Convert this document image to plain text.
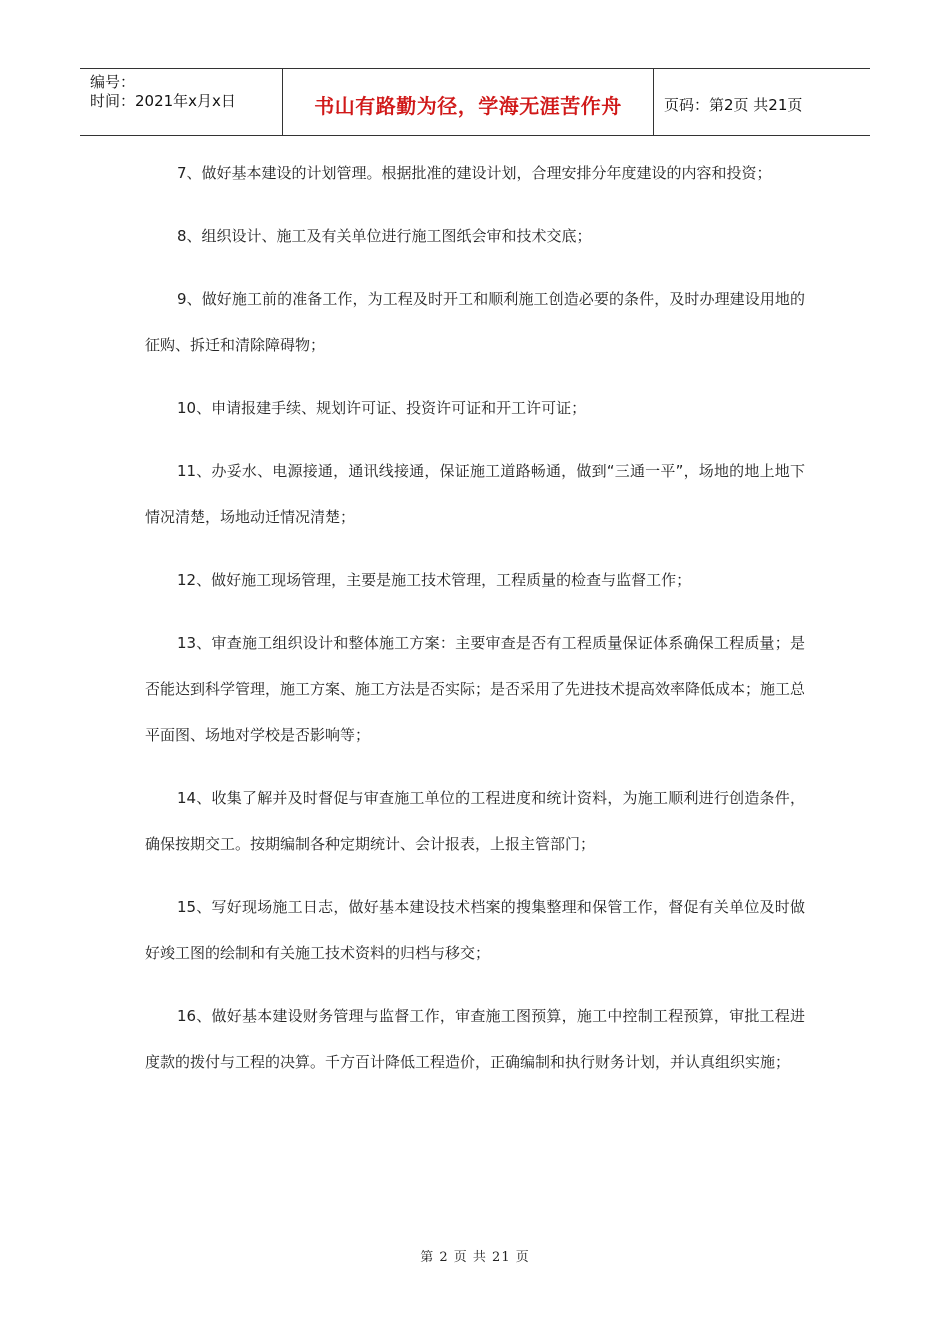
编号：
时间：2021年x月x日	书山有路勤为径，学海无涯苦作舟	页码：第2页 共21页

7、做好基本建设的计划管理。根据批准的建设计划，合理安排分年度建设的内容和投资；

8、组织设计、施工及有关单位进行施工图纸会审和技术交底；

9、做好施工前的准备工作，为工程及时开工和顺利施工创造必要的条件，及时办理建设用地的征购、拆迁和清除障碍物；

10、申请报建手续、规划许可证、投资许可证和开工许可证；

11、办妥水、电源接通，通讯线接通，保证施工道路畅通，做到“三通一平”，场地的地上地下情况清楚，场地动迁情况清楚；

12、做好施工现场管理，主要是施工技术管理，工程质量的检查与监督工作；

13、审查施工组织设计和整体施工方案：主要审查是否有工程质量保证体系确保工程质量；是否能达到科学管理，施工方案、施工方法是否实际；是否采用了先进技术提高效率降低成本；施工总平面图、场地对学校是否影响等；

14、收集了解并及时督促与审查施工单位的工程进度和统计资料，为施工顺利进行创造条件，确保按期交工。按期编制各种定期统计、会计报表，上报主管部门；

15、写好现场施工日志，做好基本建设技术档案的搜集整理和保管工作，督促有关单位及时做好竣工图的绘制和有关施工技术资料的归档与移交；

16、做好基本建设财务管理与监督工作，审查施工图预算，施工中控制工程预算，审批工程进度款的拨付与工程的决算。千方百计降低工程造价，正确编制和执行财务计划，并认真组织实施；

第 2 页 共 21 页
